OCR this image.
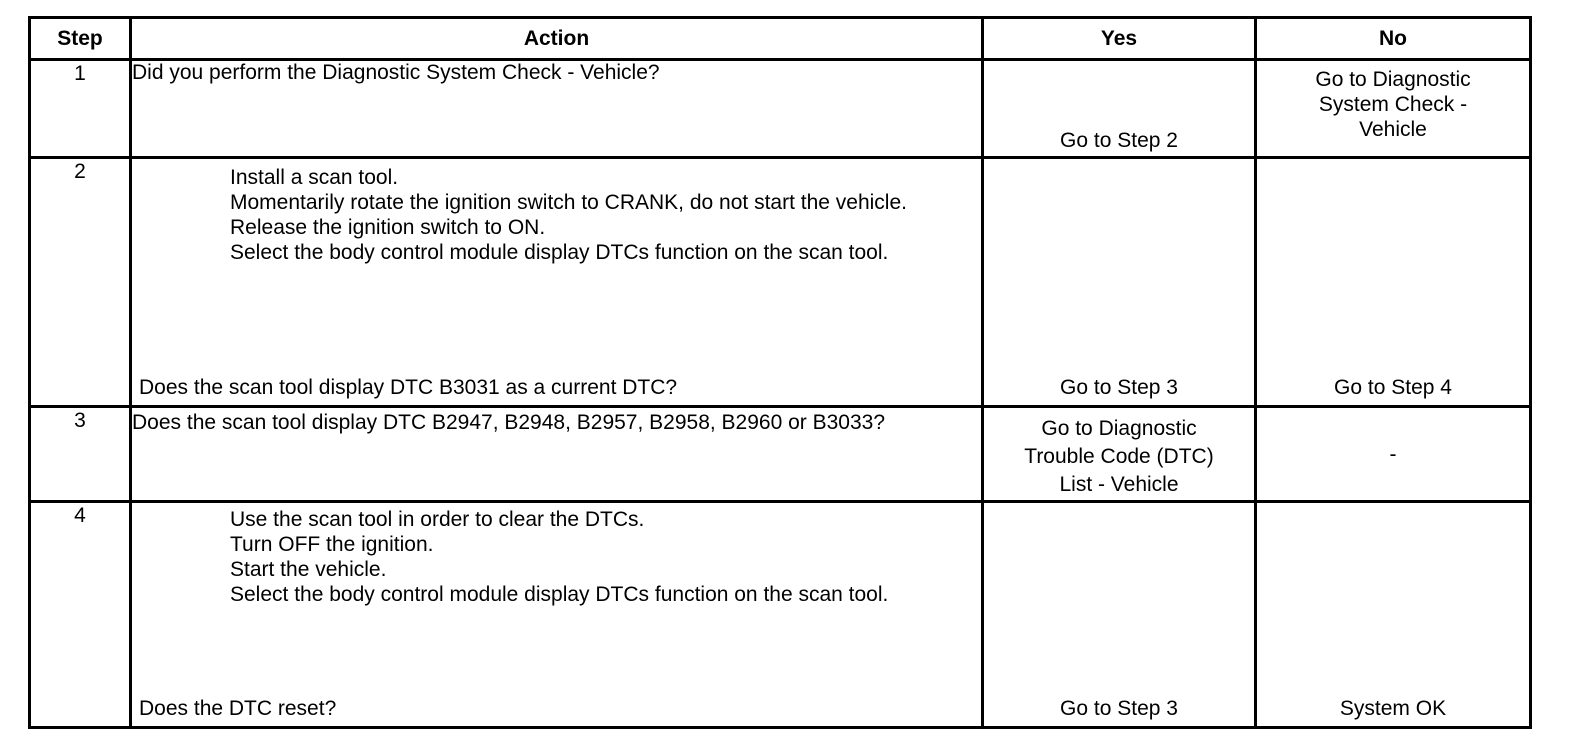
Step	Action	Yes	No
1	Did you perform the Diagnostic System Check - Vehicle?	Go to Step 2	Go to Diagnostic
System Check -
Vehicle

2	Install a scan tool.
Momentarily rotate the ignition switch to CRANK, do not start the vehicle.
Release the ignition switch to ON.
Select the body control module display DTCs function on the scan tool.
Does the scan tool display DTC B3031 as a current DTC?	Go to Step 3	Go to Step 4

3	Does the scan tool display DTC B2947, B2948, B2957, B2958, B2960 or B3033?	Go to Diagnostic
Trouble Code (DTC)
List - Vehicle	-
4	Use the scan tool in order to clear the DTCs.
Turn OFF the ignition.
Start the vehicle.
Select the body control module display DTCs function on the scan tool.
Does the DTC reset?	Go to Step 3	System OK
